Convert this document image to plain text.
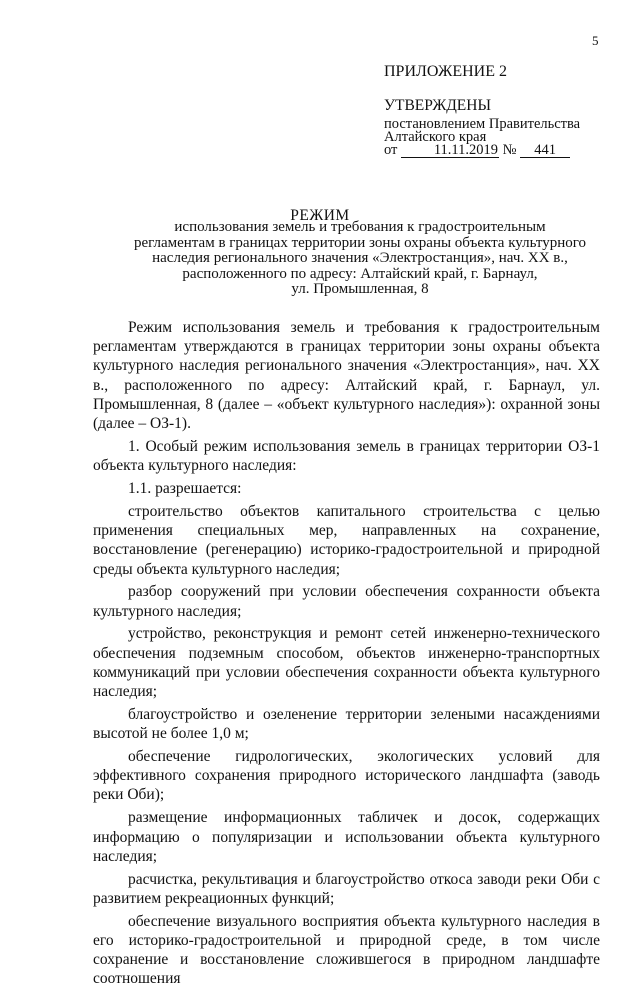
5
ПРИЛОЖЕНИЕ 2
УТВЕРЖДЕНЫ
постановлением Правительства
Алтайского края
от	11.11.2019 № 441
РЕЖИМ
использования земель и требования к градостроительным
регламентам в границах территории зоны охраны объекта культурного
наследия регионального значения «Электростанция», нач. XX в.,
расположенного по адресу: Алтайский край, г. Барнаул,
ул. Промышленная, 8

Режим использования земель и требования к градостроительным регламентам утверждаются в границах территории зоны охраны объекта культурного наследия регионального значения «Электростанция», нач. XX в., расположенного по адресу: Алтайский край, г. Барнаул, ул. Промышленная, 8 (далее – «объект культурного наследия»): охранной зоны (далее – ОЗ-1).

1. Особый режим использования земель в границах территории ОЗ-1 объекта культурного наследия:

1.1. разрешается:

строительство объектов капитального строительства с целью применения специальных мер, направленных на сохранение, восстановление (регенерацию) историко-градостроительной и природной среды объекта культурного наследия;

разбор сооружений при условии обеспечения сохранности объекта культурного наследия;

устройство, реконструкция и ремонт сетей инженерно-технического обеспечения подземным способом, объектов инженерно-транспортных коммуникаций при условии обеспечения сохранности объекта культурного наследия;

благоустройство и озеленение территории зелеными насаждениями высотой не более 1,0 м;

обеспечение гидрологических, экологических условий для эффективного сохранения природного исторического ландшафта (заводь реки Оби);

размещение информационных табличек и досок, содержащих информацию о популяризации и использовании объекта культурного наследия;

расчистка, рекультивация и благоустройство откоса заводи реки Оби с развитием рекреационных функций;

обеспечение визуального восприятия объекта культурного наследия в его историко-градостроительной и природной среде, в том числе сохранение и восстановление сложившегося в природном ландшафте соотношения
